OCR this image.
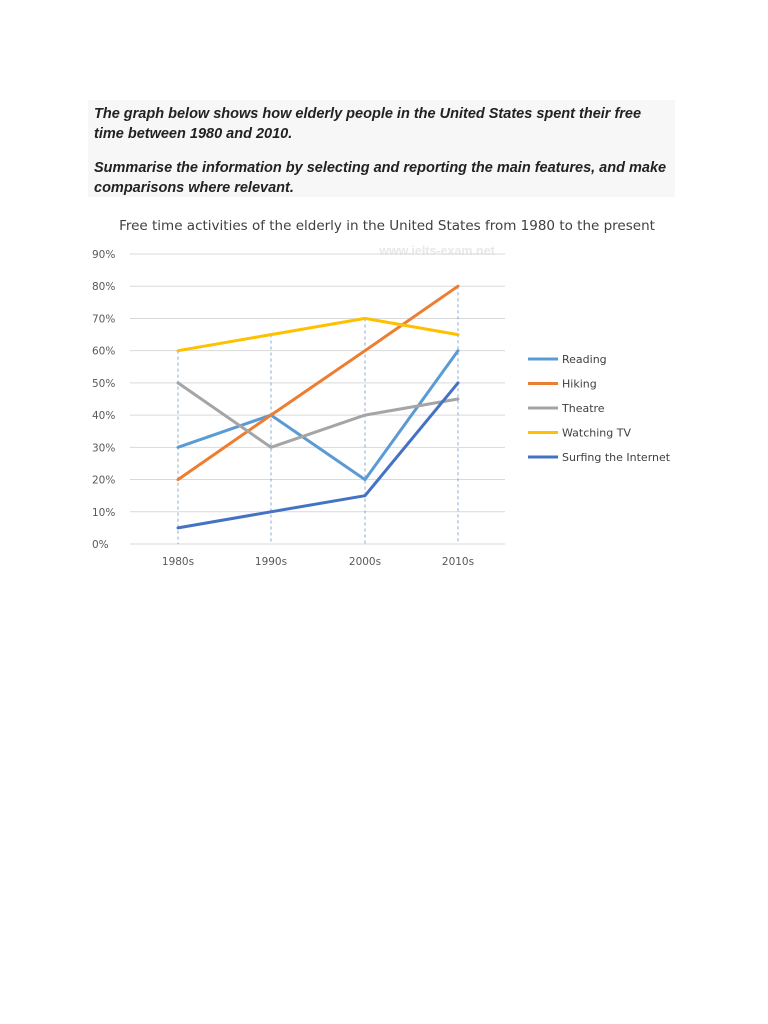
The graph below shows how elderly people in the United States spent their free time between 1980 and 2010.

Summarise the information by selecting and reporting the main features, and make comparisons where relevant.

Free time activities of the elderly in the United States from 1980 to the present
www.ielts-exam.net
0%
10%
20%
30%
40%
50%
60%
70%
80%
90%
1980s	1990s	2000s	2010s
Reading
Hiking
Theatre
Watching TV
Surfing the Internet
